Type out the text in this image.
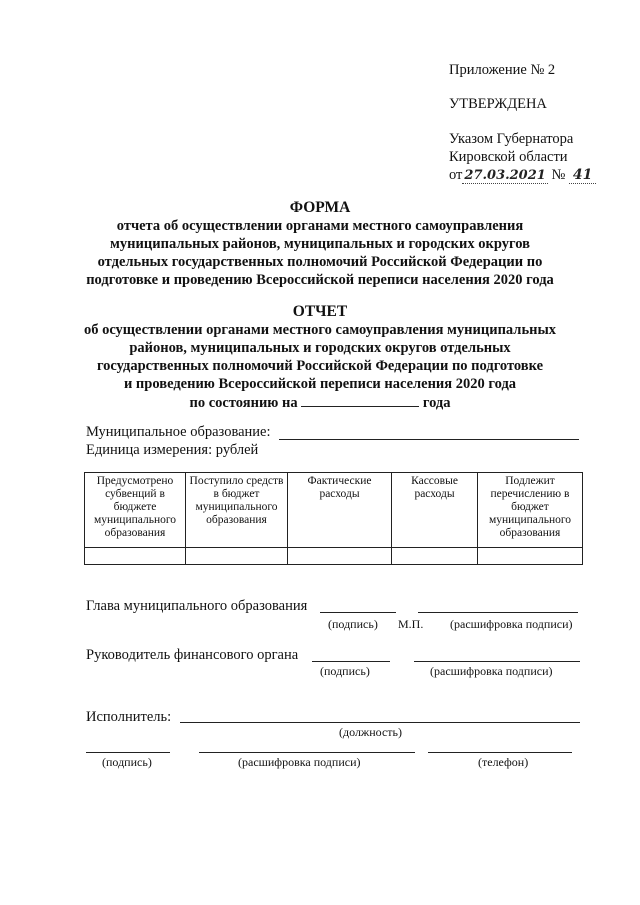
Приложение № 2
УТВЕРЖДЕНА
Указом Губернатора
Кировской области
от 27.03.2021 № 41
ФОРМА
отчета об осуществлении органами местного самоуправления
муниципальных районов, муниципальных и городских округов
отдельных государственных полномочий Российской Федерации по
подготовке и проведению Всероссийской переписи населения 2020 года
ОТЧЕТ
об осуществлении органами местного самоуправления муниципальных
районов, муниципальных и городских округов отдельных
государственных полномочий Российской Федерации по подготовке
и проведению Всероссийской переписи населения 2020 года
по состоянию на	года
Муниципальное образование:
Единица измерения: рублей
Предусмотрено субвенций в бюджете муниципального образования	Поступило средств в бюджет муниципального образования	Фактические расходы	Кассовые расходы	Подлежит перечислению в бюджет муниципального образования

Глава муниципального образования
(подпись) М.П. (расшифровка подписи)
Руководитель финансового органа
(подпись)	(расшифровка подписи)
Исполнитель:
(должность)
(подпись)	(расшифровка подписи)	(телефон)
